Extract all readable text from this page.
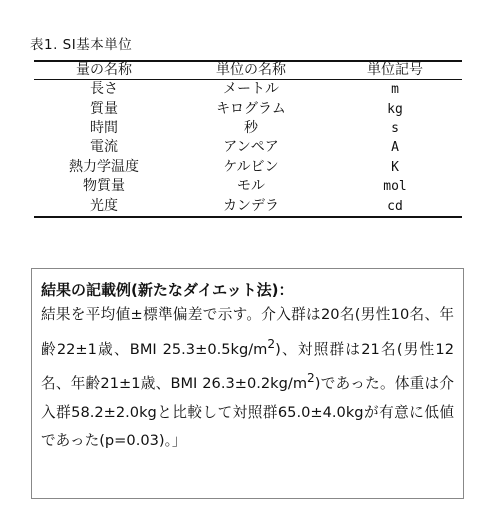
表1. SI基本単位
量の名称	単位の名称	単位記号
長さ	メートル	m
質量	キログラム	kg
時間	秒	s
電流	アンペア	A
熱力学温度	ケルビン	K
物質量	モル	mol
光度	カンデラ	cd

結果の記載例(新たなダイエット法)：

結果を平均値±標準偏差で示す。介入群は20名(男性10名、年齢22±1歳、BMI $25.3\pm 0.5kg/m^2$)、対照群は21名(男性12名、年齢21±1歳、BMI $26.3\pm 0.2kg/m^2$)であった。体重は介入群58.2±2.0kgと比較して対照群65.0±4.0kgが有意に低値であった(p=0.03)。」
